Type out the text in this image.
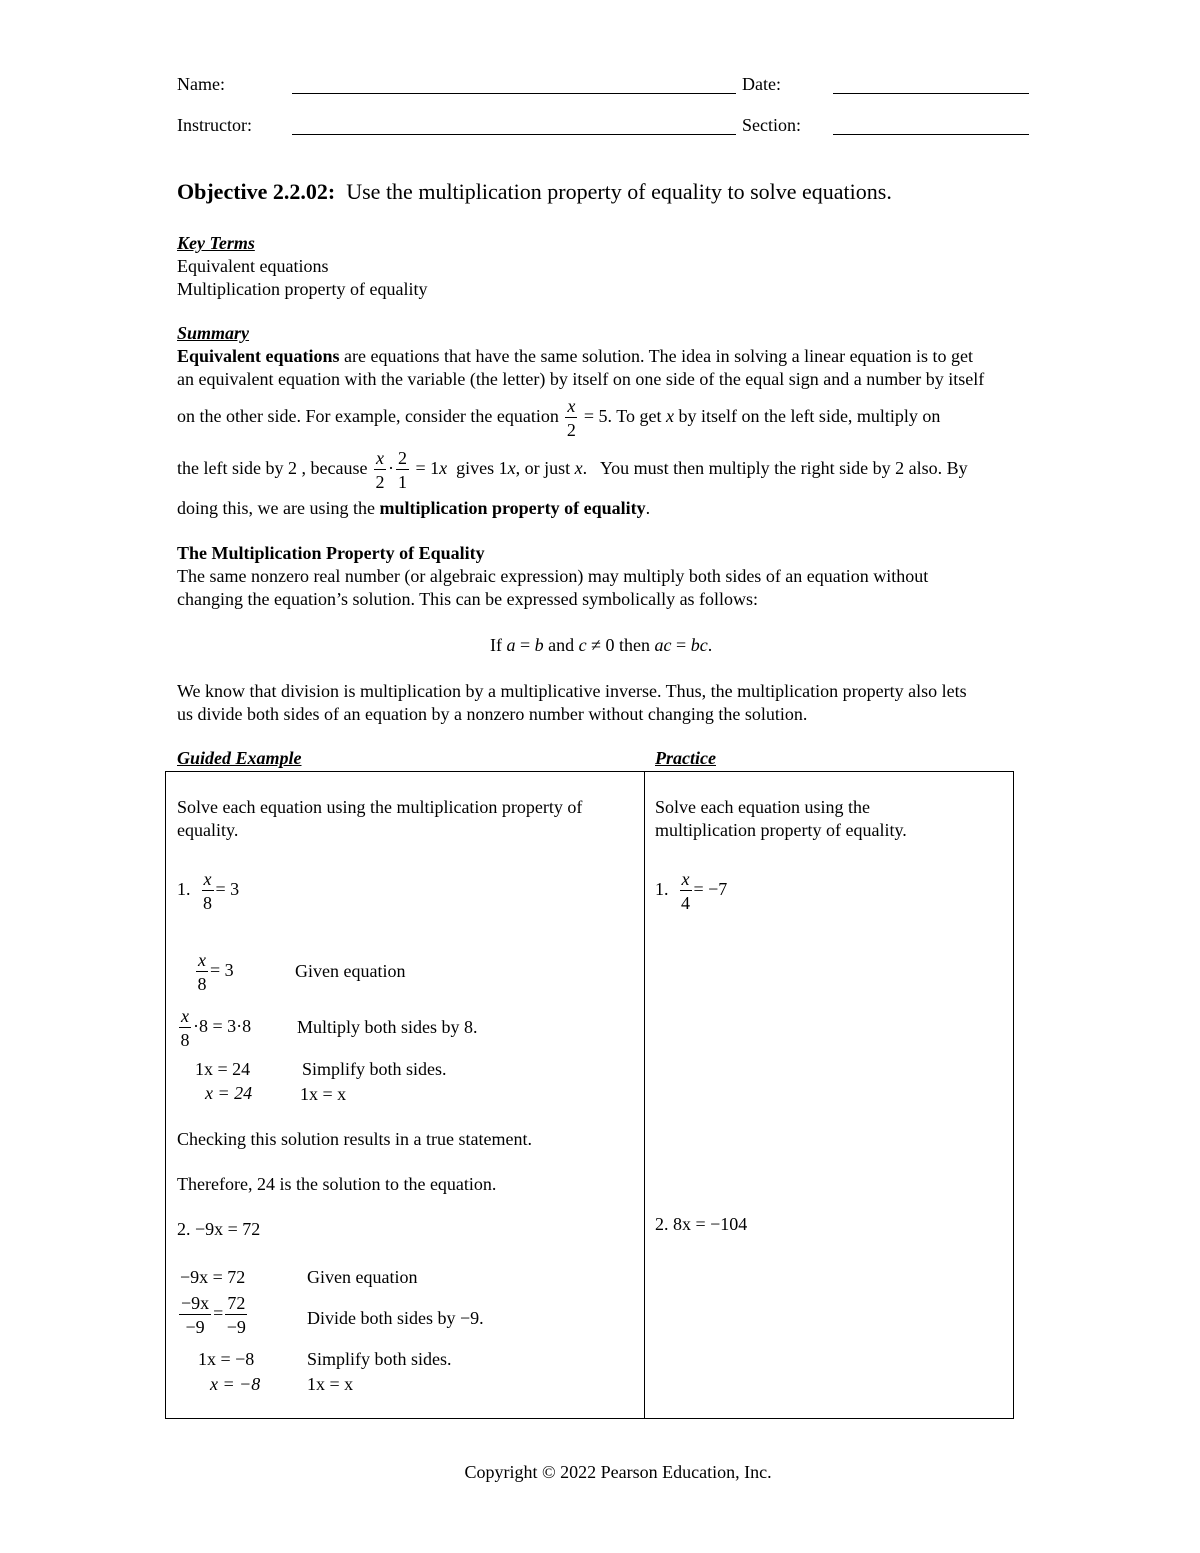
Name:	Date:
Instructor:	Section:
Objective 2.2.02: Use the multiplication property of equality to solve equations.
Key Terms
Equivalent equations
Multiplication property of equality
Summary
Equivalent equations are equations that have the same solution. The idea in solving a linear equation is to get
an equivalent equation with the variable (the letter) by itself on one side of the equal sign and a number by itself
on the other side. For example, consider the equation $\frac{x}{2} = 5$. To get x by itself on the left side, multiply on
the left side by 2 , because $\frac{x}{2} \cdot \frac{2}{1} = 1x$ gives 1x, or just x.   You must then multiply the right side by 2 also. By
doing this, we are using the multiplication property of equality.
The Multiplication Property of Equality
The same nonzero real number (or algebraic expression) may multiply both sides of an equation without
changing the equation’s solution. This can be expressed symbolically as follows:
If a = b and c ≠ 0 then ac = bc.
We know that division is multiplication by a multiplicative inverse. Thus, the multiplication property also lets
us divide both sides of an equation by a nonzero number without changing the solution.
Guided Example	Practice
Solve each equation using the multiplication property of
equality.
1. $\frac{x}{8} = 3$
$\frac{x}{8} = 3$	Given equation
$\frac{x}{8} \cdot 8 = 3\cdot 8$	Multiply both sides by 8.
1x = 24	Simplify both sides.
x = 24	1x = x
Checking this solution results in a true statement.
Therefore, 24 is the solution to the equation.
2. −9x = 72
−9x = 72	Given equation
$\frac{-9x}{-9} = \frac{72}{-9}$	Divide both sides by −9.
1x = −8	Simplify both sides.
x = −8	1x = x
Solve each equation using the
multiplication property of equality.
1. $\frac{x}{4} = -7$
2. 8x = −104
Copyright © 2022 Pearson Education, Inc.
